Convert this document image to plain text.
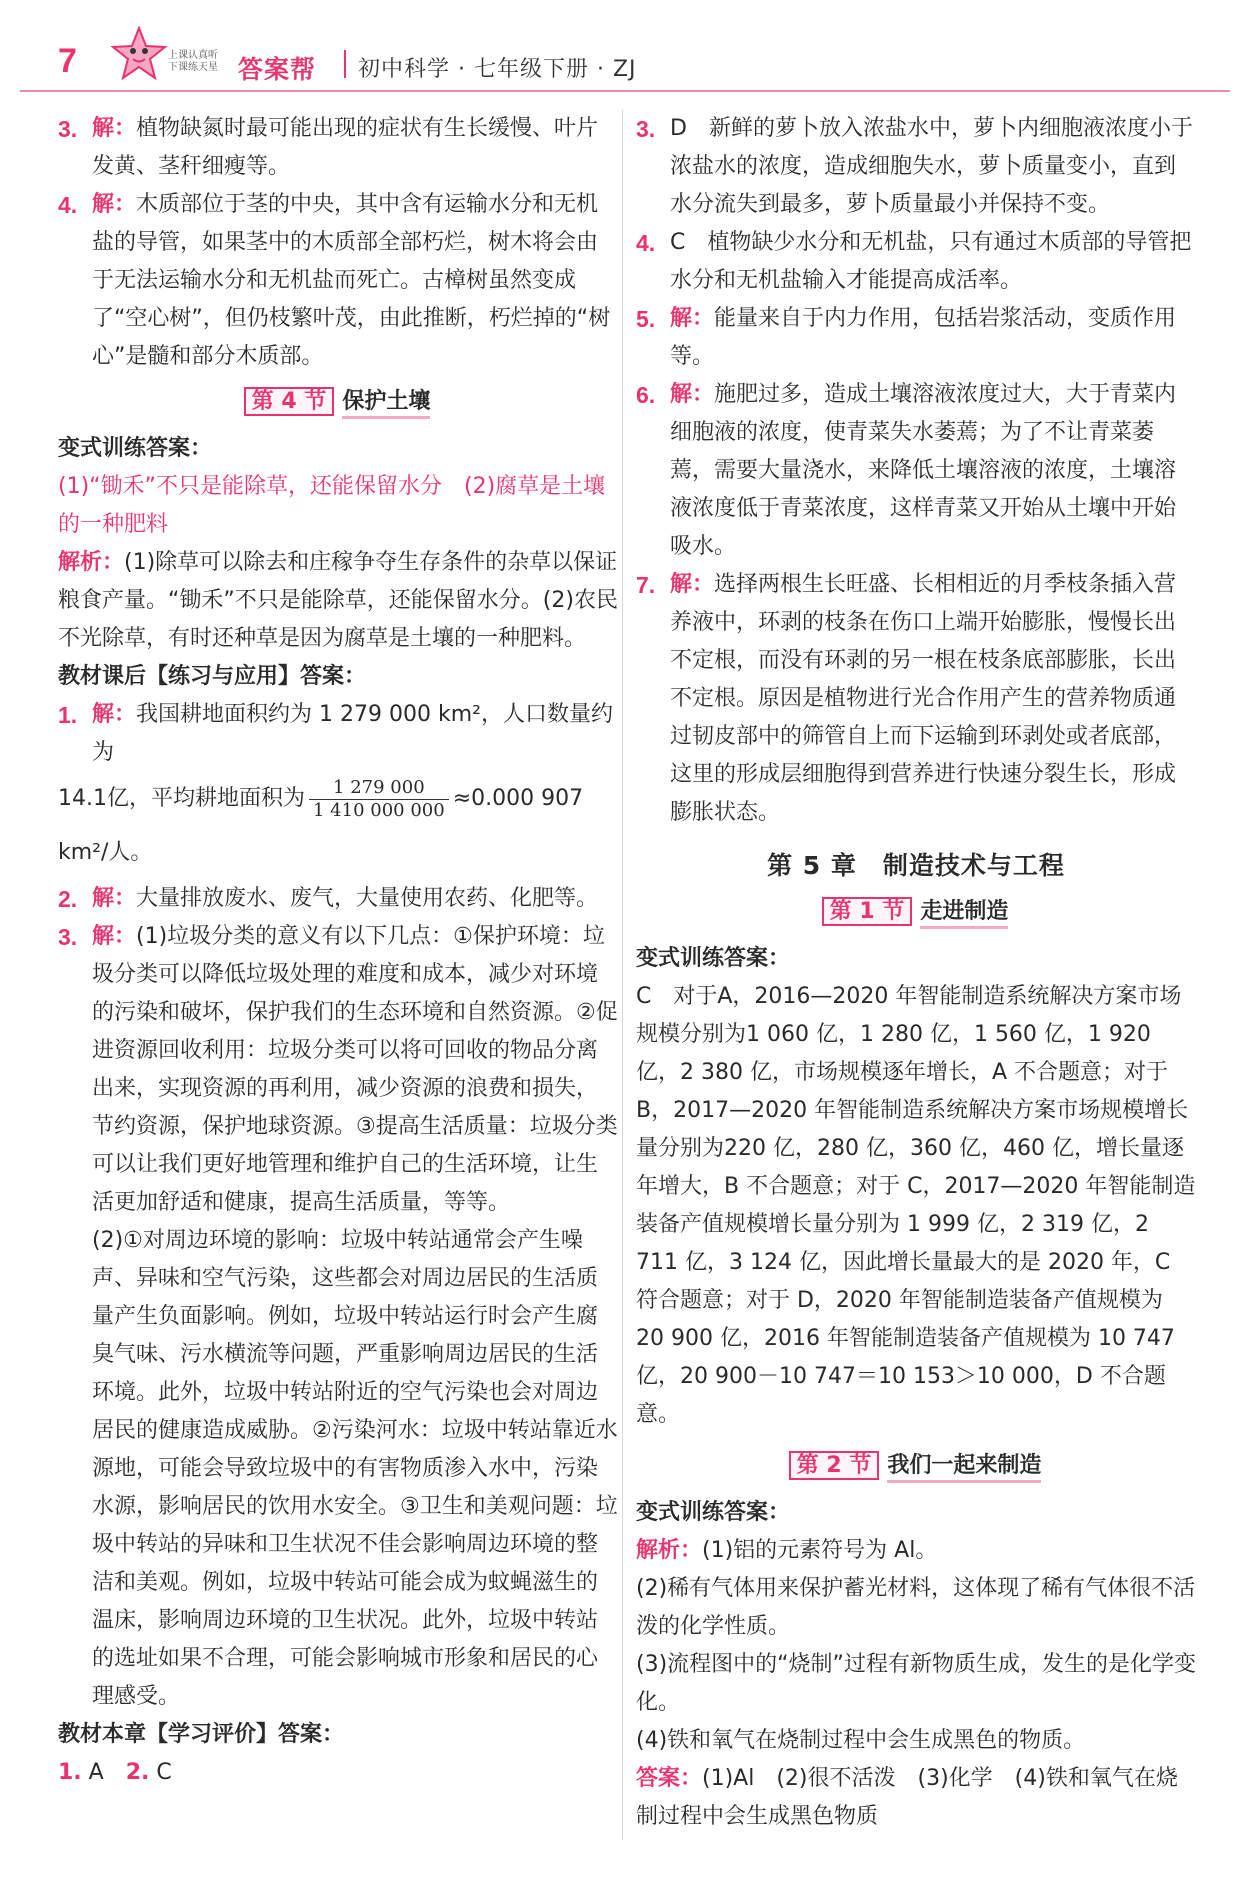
7	上课认真听
下课练天星 答案帮 初中科学 · 七年级下册 · ZJ
3. 解：植物缺氮时最可能出现的症状有生长缓慢、叶片发黄、茎秆细瘦等。
4. 解：木质部位于茎的中央，其中含有运输水分和无机盐的导管，如果茎中的木质部全部朽烂，树木将会由于无法运输水分和无机盐而死亡。古樟树虽然变成了“空心树”，但仍枝繁叶茂，由此推断，朽烂掉的“树心”是髓和部分木质部。
第 4 节 保护土壤
变式训练答案：
(1)“锄禾”不只是能除草，还能保留水分　 (2)腐草是土壤的一种肥料
解析：(1)除草可以除去和庄稼争夺生存条件的杂草以保证粮食产量。“锄禾”不只是能除草，还能保留水分。(2)农民不光除草，有时还种草是因为腐草是土壤的一种肥料。
教材课后【练习与应用】答案：
1. 解：我国耕地面积约为 1 279 000 km²，人口数量约为
14.1亿，平均耕地面积为 $\frac{1 279 000}{1 410 000 000} \approx 0.000$ 907 km²/人。
2. 解：大量排放废水、废气，大量使用农药、化肥等。
3. 解：(1)垃圾分类的意义有以下几点：①保护环境：垃圾分类可以降低垃圾处理的难度和成本，减少对环境的污染和破坏，保护我们的生态环境和自然资源。②促进资源回收利用：垃圾分类可以将可回收的物品分离出来，实现资源的再利用，减少资源的浪费和损失，节约资源，保护地球资源。③提高生活质量：垃圾分类可以让我们更好地管理和维护自己的生活环境，让生活更加舒适和健康，提高生活质量，等等。
(2)①对周边环境的影响：垃圾中转站通常会产生噪声、异味和空气污染，这些都会对周边居民的生活质量产生负面影响。例如，垃圾中转站运行时会产生腐臭气味、污水横流等问题，严重影响周边居民的生活环境。此外，垃圾中转站附近的空气污染也会对周边居民的健康造成威胁。②污染河水：垃圾中转站靠近水源地，可能会导致垃圾中的有害物质渗入水中，污染水源，影响居民的饮用水安全。③卫生和美观问题：垃圾中转站的异味和卫生状况不佳会影响周边环境的整洁和美观。例如，垃圾中转站可能会成为蚊蝇滋生的温床，影响周边环境的卫生状况。此外，垃圾中转站的选址如果不合理，可能会影响城市形象和居民的心理感受。
教材本章【学习评价】答案：
1. A　 2. C
3. D　新鲜的萝卜放入浓盐水中，萝卜内细胞液浓度小于浓盐水的浓度，造成细胞失水，萝卜质量变小，直到水分流失到最多，萝卜质量最小并保持不变。
4. C　植物缺少水分和无机盐，只有通过木质部的导管把水分和无机盐输入才能提高成活率。
5. 解：能量来自于内力作用，包括岩浆活动，变质作用等。
6. 解：施肥过多，造成土壤溶液浓度过大，大于青菜内细胞液的浓度，使青菜失水萎蔫；为了不让青菜萎蔫，需要大量浇水，来降低土壤溶液的浓度，土壤溶液浓度低于青菜浓度，这样青菜又开始从土壤中开始吸水。
7. 解：选择两根生长旺盛、长相相近的月季枝条插入营养液中，环剥的枝条在伤口上端开始膨胀，慢慢长出不定根，而没有环剥的另一根在枝条底部膨胀，长出不定根。原因是植物进行光合作用产生的营养物质通过韧皮部中的筛管自上而下运输到环剥处或者底部，这里的形成层细胞得到营养进行快速分裂生长，形成膨胀状态。
第 5 章　制造技术与工程
第 1 节 走进制造
变式训练答案：
C　对于A，2016—2020 年智能制造系统解决方案市场规模分别为1 060 亿，1 280 亿，1 560 亿，1 920 亿，2 380 亿，市场规模逐年增长，A 不合题意；对于 B，2017—2020 年智能制造系统解决方案市场规模增长量分别为220 亿，280 亿，360 亿，460 亿，增长量逐年增大，B 不合题意；对于 C，2017—2020 年智能制造装备产值规模增长量分别为 1 999 亿，2 319 亿，2 711 亿，3 124 亿，因此增长量最大的是 2020 年，C 符合题意；对于 D，2020 年智能制造装备产值规模为 20 900 亿，2016 年智能制造装备产值规模为 10 747 亿，20 900－10 747＝10 153＞10 000，D 不合题意。
第 2 节 我们一起来制造
变式训练答案：
解析：(1)铝的元素符号为 Al。
(2)稀有气体用来保护蓄光材料，这体现了稀有气体很不活泼的化学性质。
(3)流程图中的“烧制”过程有新物质生成，发生的是化学变化。
(4)铁和氧气在烧制过程中会生成黑色的物质。
答案：(1)Al　(2)很不活泼　(3)化学　(4)铁和氧气在烧制过程中会生成黑色物质
